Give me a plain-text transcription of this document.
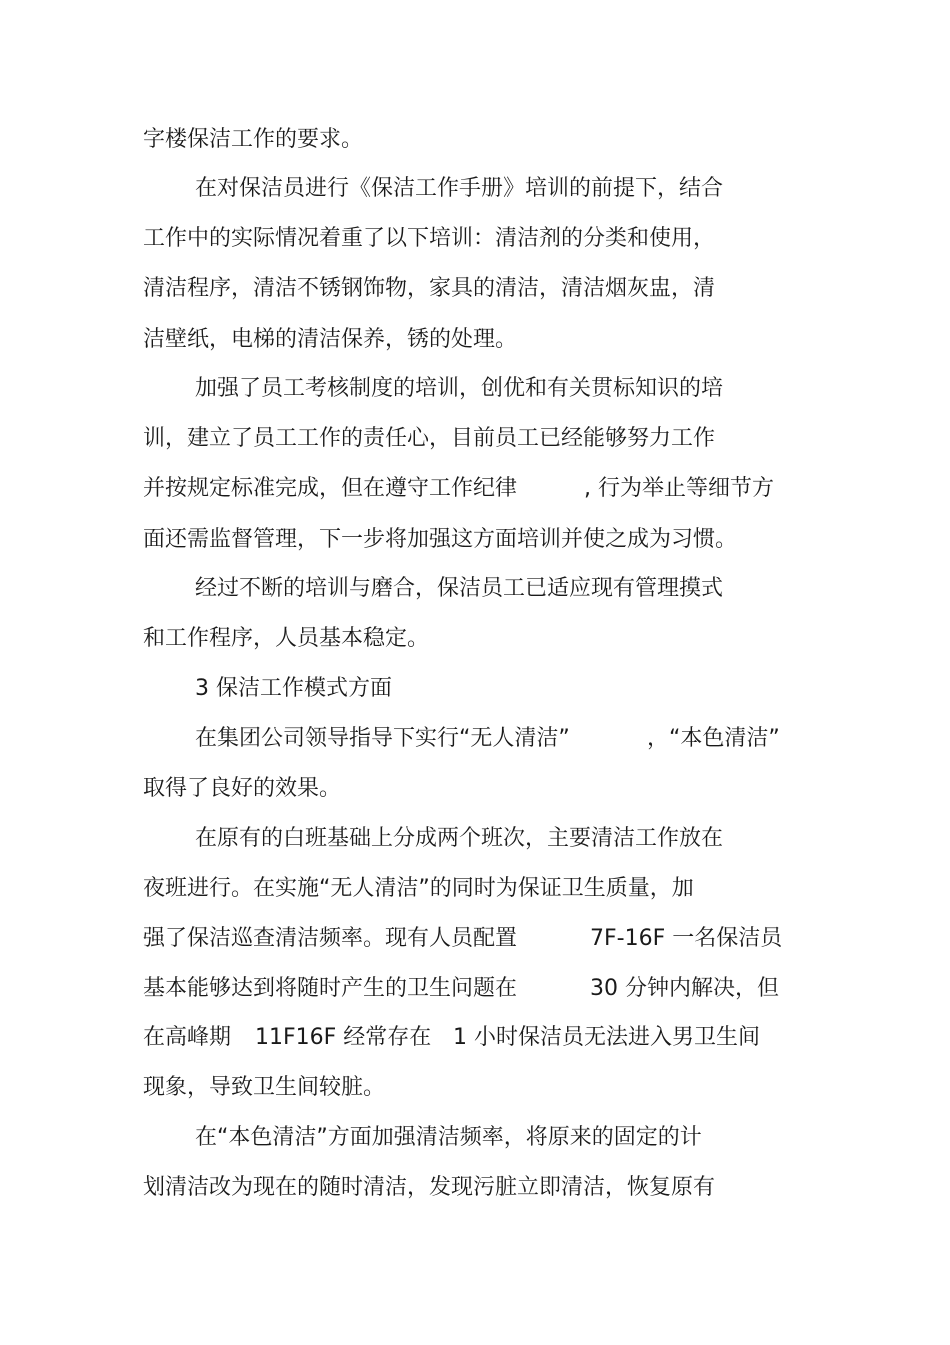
字楼保洁工作的要求。
在对保洁员进行《保洁工作手册》培训的前提下，结合
工作中的实际情况着重了以下培训：清洁剂的分类和使用，
清洁程序，清洁不锈钢饰物，家具的清洁，清洁烟灰盅，清
洁壁纸，电梯的清洁保养，锈的处理。
加强了员工考核制度的培训，创优和有关贯标知识的培
训，建立了员工工作的责任心，目前员工已经能够努力工作
并按规定标准完成，但在遵守工作纪律	, 行为举止等细节方
面还需监督管理，下一步将加强这方面培训并使之成为习惯。
经过不断的培训与磨合，保洁员工已适应现有管理摸式
和工作程序，人员基本稳定。
3 保洁工作模式方面
在集团公司领导指导下实行“无人清洁”	，“本色清洁”
取得了良好的效果。
在原有的白班基础上分成两个班次，主要清洁工作放在
夜班进行。在实施“无人清洁”的同时为保证卫生质量，加
强了保洁巡查清洁频率。现有人员配置	7F-16F 一名保洁员
基本能够达到将随时产生的卫生问题在	30 分钟内解决，但
在高峰期 11F16F 经常存在 1 小时保洁员无法进入男卫生间
现象，导致卫生间较脏。
在“本色清洁”方面加强清洁频率，将原来的固定的计
划清洁改为现在的随时清洁，发现污脏立即清洁，恢复原有
